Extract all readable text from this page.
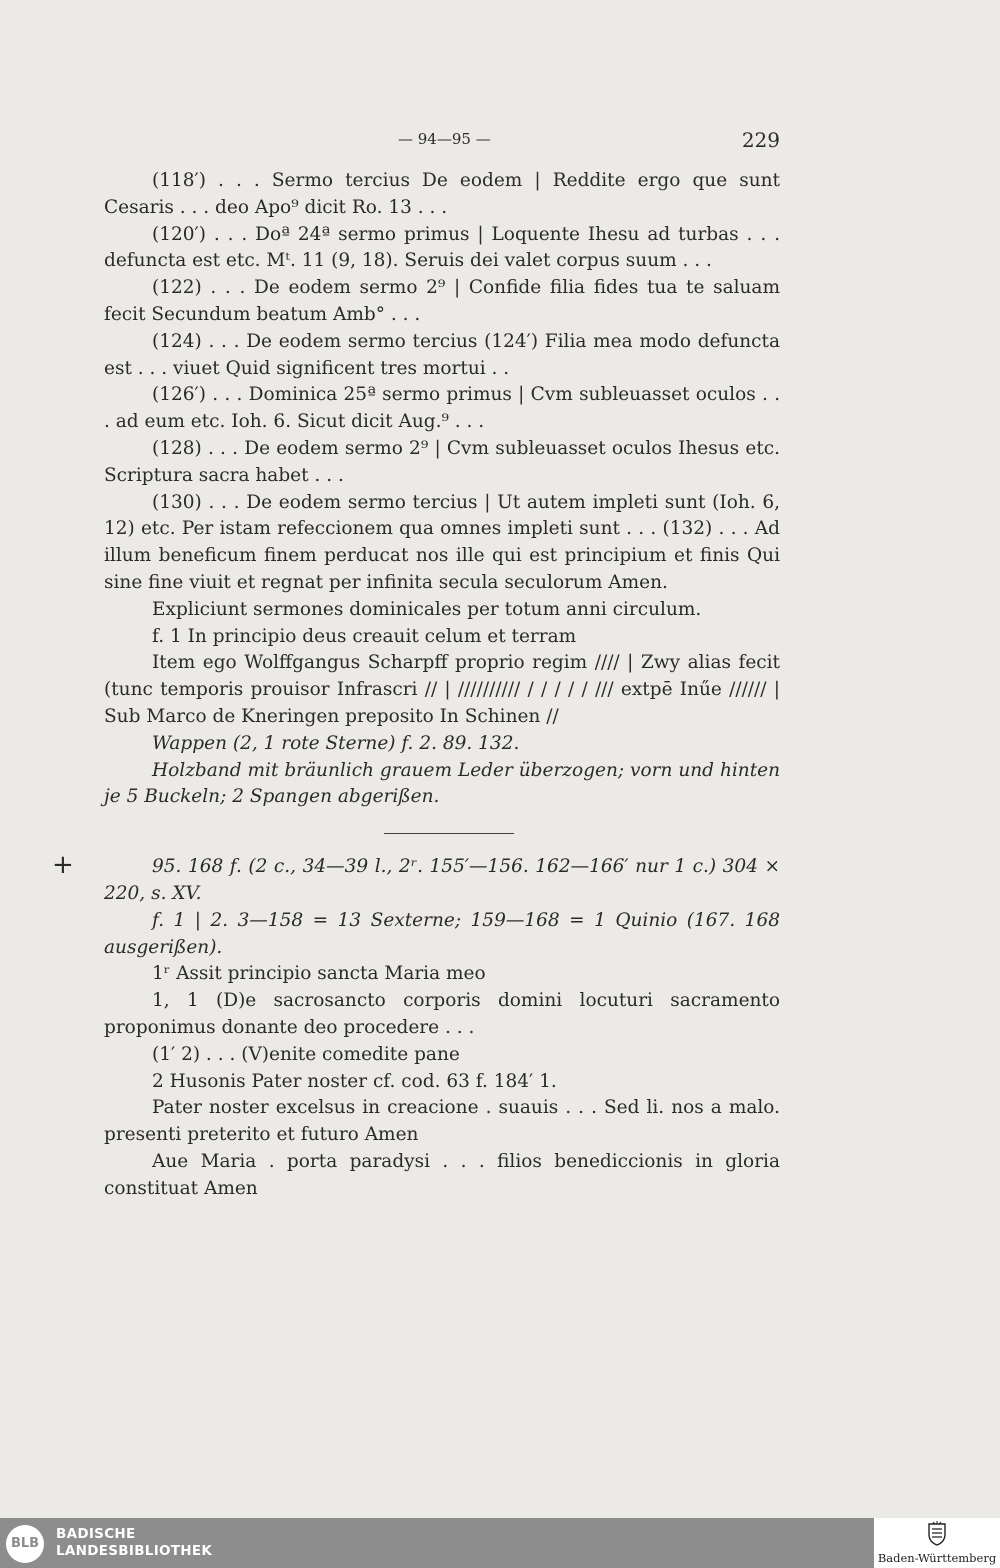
— 94—95 —	229
+

(118′) . . . Sermo tercius De eodem | Reddite ergo que sunt Cesaris . . . deo Apo⁹ dicit Ro. 13 . . .

(120′) . . . Doª 24ª sermo primus | Loquente Ihesu ad turbas . . . defuncta est etc. Mᵗ. 11 (9, 18). Seruis dei valet corpus suum . . .

(122) . . . De eodem sermo 2⁹ | Confide filia fides tua te saluam fecit Secundum beatum Amb° . . .

(124) . . . De eodem sermo tercius (124′) Filia mea modo defuncta est . . . viuet Quid significent tres mortui . .

(126′) . . . Dominica 25ª sermo primus | Cvm subleuasset oculos . . . ad eum etc. Ioh. 6. Sicut dicit Aug.⁹ . . .

(128) . . . De eodem sermo 2⁹ | Cvm subleuasset oculos Ihesus etc. Scriptura sacra habet . . .

(130) . . . De eodem sermo tercius | Ut autem impleti sunt (Ioh. 6, 12) etc. Per istam refeccionem qua omnes impleti sunt . . . (132) . . . Ad illum beneficum finem perducat nos ille qui est principium et finis Qui sine fine viuit et regnat per infinita secula seculorum Amen.

Expliciunt sermones dominicales per totum anni circulum.

f. 1 In principio deus creauit celum et terram

Item ego Wolffgangus Scharpff proprio regim //// | Zwy alias fecit (tunc temporis prouisor Infrascri // | ////////// / / / / / /// extpē Inűe ////// | Sub Marco de Kneringen preposito In Schinen //

Wappen (2, 1 rote Sterne) f. 2. 89. 132.

Holzband mit bräunlich grauem Leder überzogen; vorn und hinten je 5 Buckeln; 2 Spangen abgerißen.

95. 168 f. (2 c., 34—39 l., 2ʳ. 155′—156. 162—166′ nur 1 c.) 304 × 220, s. XV.

f. 1 | 2. 3—158 = 13 Sexterne; 159—168 = 1 Quinio (167. 168 ausgerißen).

1ʳ Assit principio sancta Maria meo

1, 1 (D)e sacrosancto corporis domini locuturi sacramento proponimus donante deo procedere . . .

(1′ 2) . . . (V)enite comedite pane

2 Husonis Pater noster cf. cod. 63 f. 184′ 1.

Pater noster excelsus in creacione . suauis . . . Sed li. nos a malo. presenti preterito et futuro Amen

Aue Maria . porta paradysi . . . filios benediccionis in gloria constituat Amen

BLB
BADISCHE
LANDESBIBLIOTHEK	Baden-Württemberg
